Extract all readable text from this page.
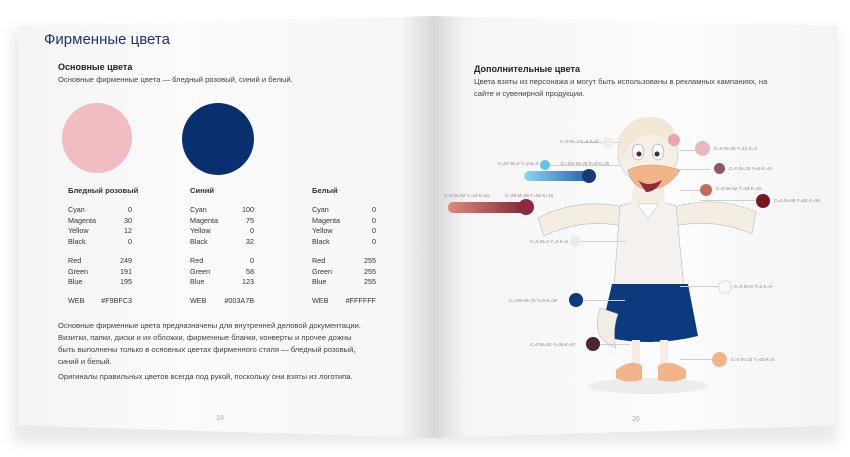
Фирменные цвета
Основные цвета
Основные фирменные цвета — бледный розовый, синий и белый.
Бледный розовый
Cyan	0
Magenta	30
Yellow	12
Black	0
Red	249
Green	191
Blue	195
WEB #F9BFC3
Синий
Cyan	100
Magenta	75
Yellow	0
Black	32
Red	0
Green	58
Blue	123
WEB	#003A7B
Белый
Cyan	0
Magenta	0
Yellow	0
Black	0
Red	255
Green	255
Blue	255
WEB #FFFFFF
Основные фирменные цвета предназначены для внутренней деловой документации.
Визитки, папки, диски и их обложки, фирменные бланки, конверты и прочее дожны
быть выполнены только в основных цветах фирменного стиля — бледный розовый,
синий и белый.
Оригиналы правильных цветов всегда под рукой, поскольку они взяты из логотипа.
19
Дополнительные цвета
Цвета взяты из персонажа и могут быть использованы в рекламных кампаниях, на
сайте и сувенирной продукции.
C=0 M=3 Y=6 K=0
C=0 M=30 Y=12 K=0
C=57 M=0 Y=2 K=0	C=100 M=78 Y=0 K=35
C=0 M=32 Y=6 K=44
C=0 M=52 Y=43 K=15
C=0 M=52 Y=43 K=15	C=28 M=86 Y=50 K=16
C=0 M=88 Y=62 K=48
C=0 M=2 Y=2 K=5
C=0 M=0 Y=0 K=0
C=100 M=75 Y=0 K=30
C=0 M=62 Y=36 K=67
C=0 M=32 Y=60 K=0
20
